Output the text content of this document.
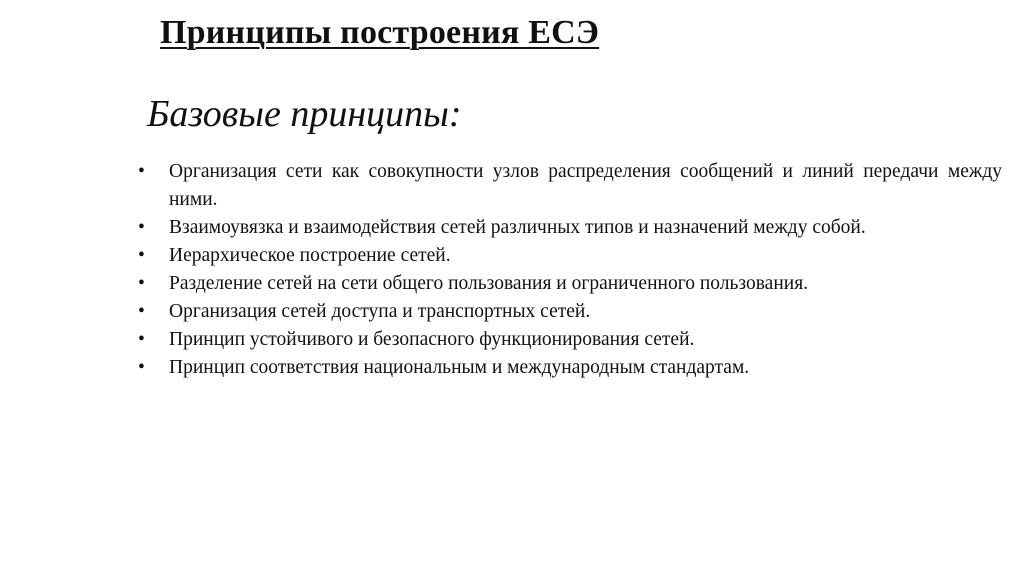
Принципы построения ЕСЭ
Базовые принципы:
• Организация сети как совокупности узлов распределения сообщений и линий передачи между ними.
• Взаимоувязка и взаимодействия сетей различных типов и назначений между собой.
• Иерархическое построение сетей.
• Разделение сетей на сети общего пользования и ограниченного пользования.
• Организация сетей доступа и транспортных сетей.
• Принцип устойчивого и безопасного функционирования сетей.
• Принцип соответствия национальным и международным стандартам.
